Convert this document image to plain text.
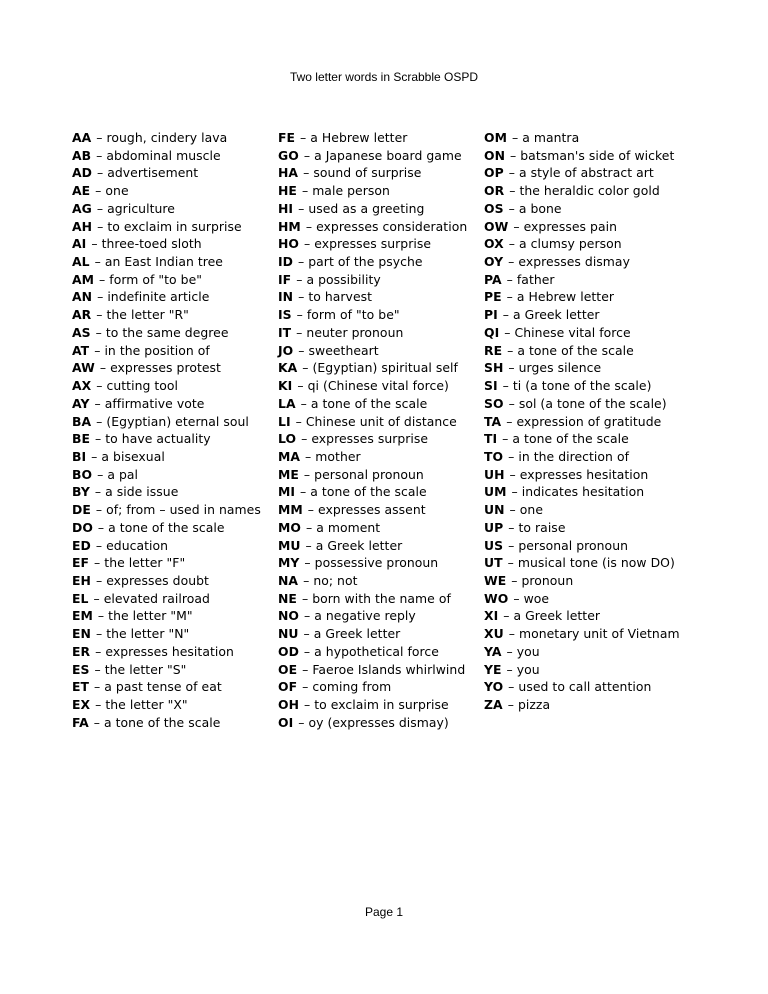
Two letter words in Scrabble OSPD
AA – rough, cindery lava
AB – abdominal muscle
AD – advertisement
AE – one
AG – agriculture
AH – to exclaim in surprise
AI – three-toed sloth
AL – an East Indian tree
AM – form of "to be"
AN – indefinite article
AR – the letter "R"
AS – to the same degree
AT – in the position of
AW – expresses protest
AX – cutting tool
AY – affirmative vote
BA – (Egyptian) eternal soul
BE – to have actuality
BI – a bisexual
BO – a pal
BY – a side issue
DE – of; from – used in names
DO – a tone of the scale
ED – education
EF – the letter "F"
EH – expresses doubt
EL – elevated railroad
EM – the letter "M"
EN – the letter "N"
ER – expresses hesitation
ES – the letter "S"
ET – a past tense of eat
EX – the letter "X"
FA – a tone of the scale
FE – a Hebrew letter
GO – a Japanese board game
HA – sound of surprise
HE – male person
HI – used as a greeting
HM – expresses consideration
HO – expresses surprise
ID – part of the psyche
IF – a possibility
IN – to harvest
IS – form of "to be"
IT – neuter pronoun
JO – sweetheart
KA – (Egyptian) spiritual self
KI – qi (Chinese vital force)
LA – a tone of the scale
LI – Chinese unit of distance
LO – expresses surprise
MA – mother
ME – personal pronoun
MI – a tone of the scale
MM – expresses assent
MO – a moment
MU – a Greek letter
MY – possessive pronoun
NA – no; not
NE – born with the name of
NO – a negative reply
NU – a Greek letter
OD – a hypothetical force
OE – Faeroe Islands whirlwind
OF – coming from
OH – to exclaim in surprise
OI – oy (expresses dismay)
OM – a mantra
ON – batsman's side of wicket
OP – a style of abstract art
OR – the heraldic color gold
OS – a bone
OW – expresses pain
OX – a clumsy person
OY – expresses dismay
PA – father
PE – a Hebrew letter
PI – a Greek letter
QI – Chinese vital force
RE – a tone of the scale
SH – urges silence
SI – ti (a tone of the scale)
SO – sol (a tone of the scale)
TA – expression of gratitude
TI – a tone of the scale
TO – in the direction of
UH – expresses hesitation
UM – indicates hesitation
UN – one
UP – to raise
US – personal pronoun
UT – musical tone (is now DO)
WE – pronoun
WO – woe
XI – a Greek letter
XU – monetary unit of Vietnam
YA – you
YE – you
YO – used to call attention
ZA – pizza
Page 1
